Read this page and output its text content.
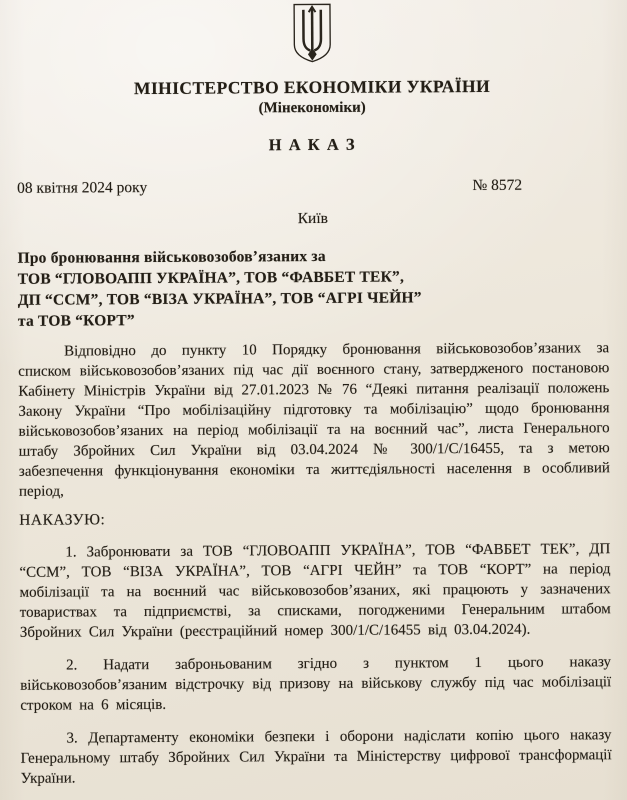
МІНІСТЕРСТВО ЕКОНОМІКИ УКРАЇНИ
(Мінекономіки)
Н А К А З
08 квітня 2024 року	№ 8572
Київ
Про бронювання військовозобов’язаних за
ТОВ “ГЛОВОАПП УКРАЇНА”, ТОВ “ФАВБЕТ ТЕК”,
ДП “ССМ”, ТОВ “ВІЗА УКРАЇНА”, ТОВ “АГРІ ЧЕЙН”
та ТОВ “КОРТ”

Відповідно до пункту 10 Порядку бронювання військовозобов’язаних за списком військовозобов’язаних під час дії воєнного стану, затвердженого постановою Кабінету Міністрів України від 27.01.2023 № 76 “Деякі питання реалізації положень Закону України “Про мобілізаційну підготовку та мобілізацію” щодо бронювання військовозобов’язаних на період мобілізації та на воєнний час”, листа Генерального штабу Збройних Сил України від 03.04.2024 № 300/1/С/16455, та з метою забезпечення функціонування економіки та життєдіяльності населення в особливий період,

НАКАЗУЮ:

1. Забронювати за ТОВ “ГЛОВОАПП УКРАЇНА”, ТОВ “ФАВБЕТ ТЕК”, ДП “ССМ”, ТОВ “ВІЗА УКРАЇНА”, ТОВ “АГРІ ЧЕЙН” та ТОВ “КОРТ” на період мобілізації та на воєнний час військовозобов’язаних, які працюють у зазначених товариствах та підприємстві, за списками, погодженими Генеральним штабом Збройних Сил України (реєстраційний номер 300/1/С/16455 від 03.04.2024).

2. Надати заброньованим згідно з пунктом 1 цього наказу військовозобов’язаним відстрочку від призову на військову службу під час мобілізації строком на 6 місяців.

3. Департаменту економіки безпеки і оборони надіслати копію цього наказу Генеральному штабу Збройних Сил України та Міністерству цифрової трансформації України.
